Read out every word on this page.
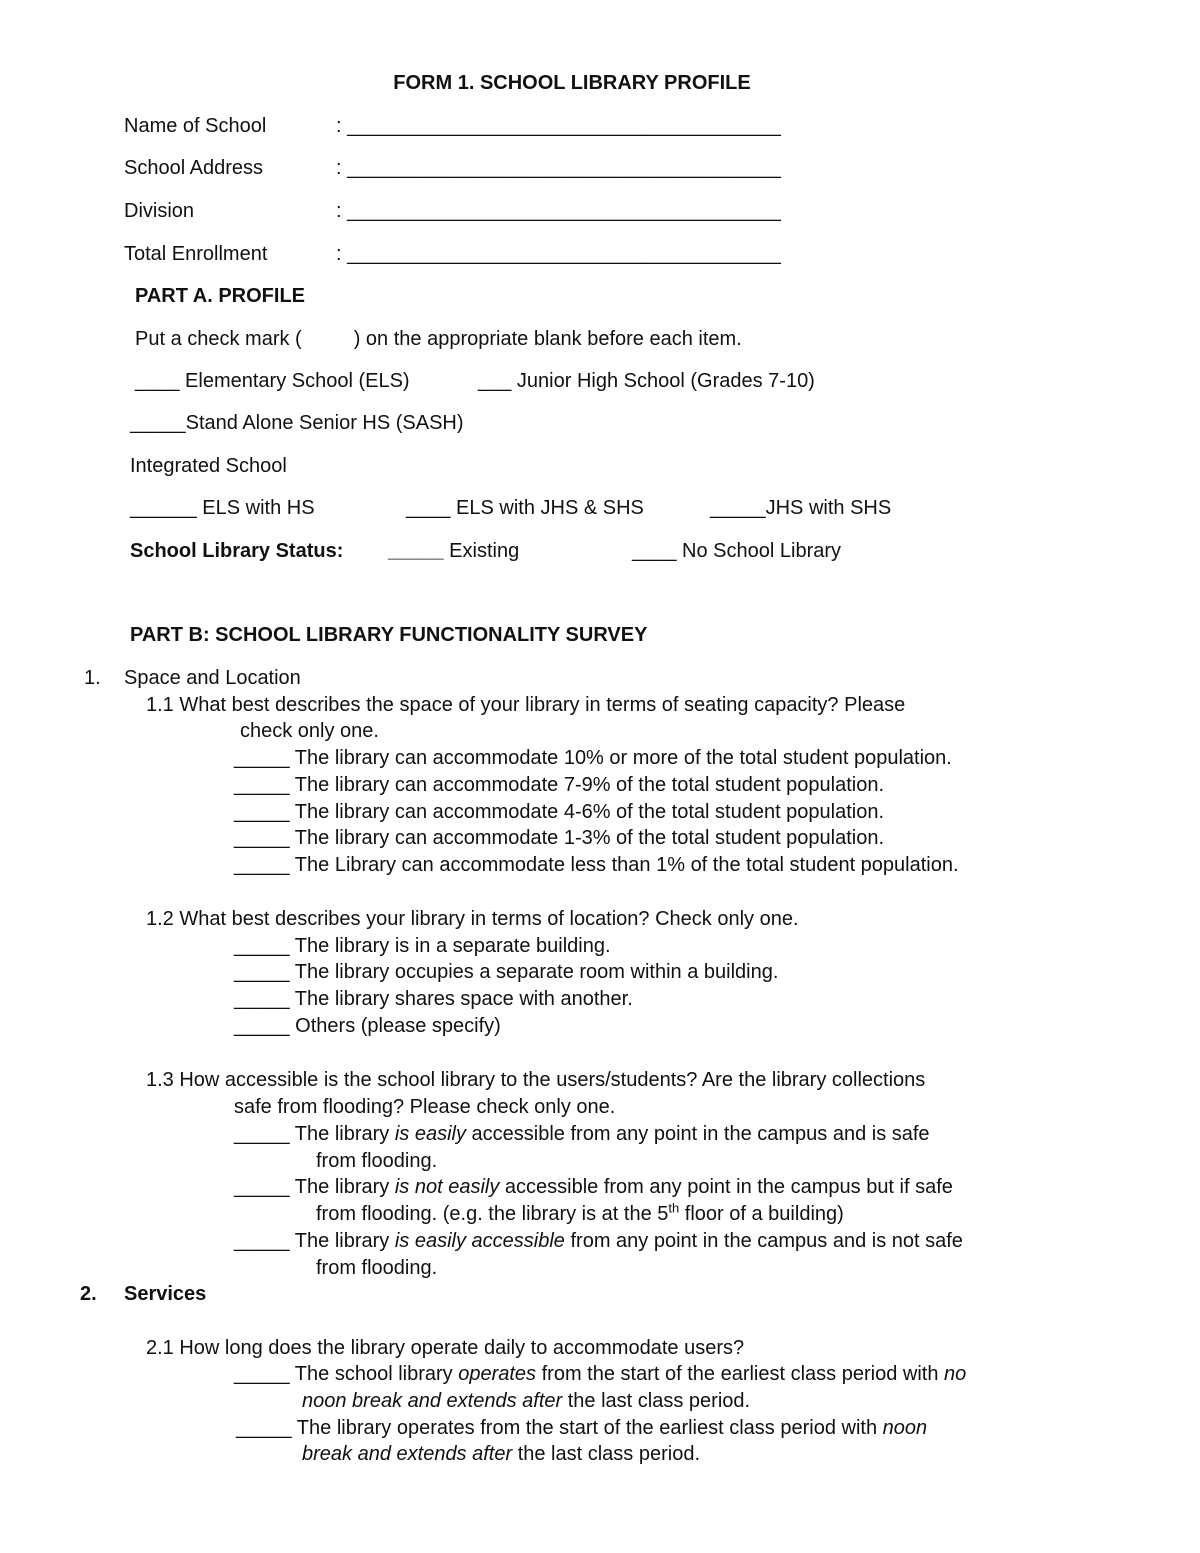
FORM 1. SCHOOL LIBRARY PROFILE
Name of School	: _______________________________________
School Address	: _______________________________________
Division	: _______________________________________
Total Enrollment	: _______________________________________
PART A. PROFILE
Put a check mark (	) on the appropriate blank before each item.
____ Elementary School (ELS)	___ Junior High School (Grades 7-10)
_____Stand Alone Senior HS (SASH)
Integrated School
______ ELS with HS	____ ELS with JHS & SHS	_____JHS with SHS
School Library Status: _____ Existing	____ No School Library
PART B: SCHOOL LIBRARY FUNCTIONALITY SURVEY
1. Space and Location
1.1 What best describes the space of your library in terms of seating capacity? Please
check only one.
_____ The library can accommodate 10% or more of the total student population.
_____ The library can accommodate 7-9% of the total student population.
_____ The library can accommodate 4-6% of the total student population.
_____ The library can accommodate 1-3% of the total student population.
_____ The Library can accommodate less than 1% of the total student population.
1.2 What best describes your library in terms of location? Check only one.
_____ The library is in a separate building.
_____ The library occupies a separate room within a building.
_____ The library shares space with another.
_____ Others (please specify)
1.3 How accessible is the school library to the users/students? Are the library collections
safe from flooding? Please check only one.
_____ The library is easily accessible from any point in the campus and is safe
from flooding.
_____ The library is not easily accessible from any point in the campus but if safe
from flooding. (e.g. the library is at the 5th floor of a building)
_____ The library is easily accessible from any point in the campus and is not safe
from flooding.
2. Services
2.1 How long does the library operate daily to accommodate users?
_____ The school library operates from the start of the earliest class period with no
noon break and extends after the last class period.
_____ The library operates from the start of the earliest class period with noon
break and extends after the last class period.
